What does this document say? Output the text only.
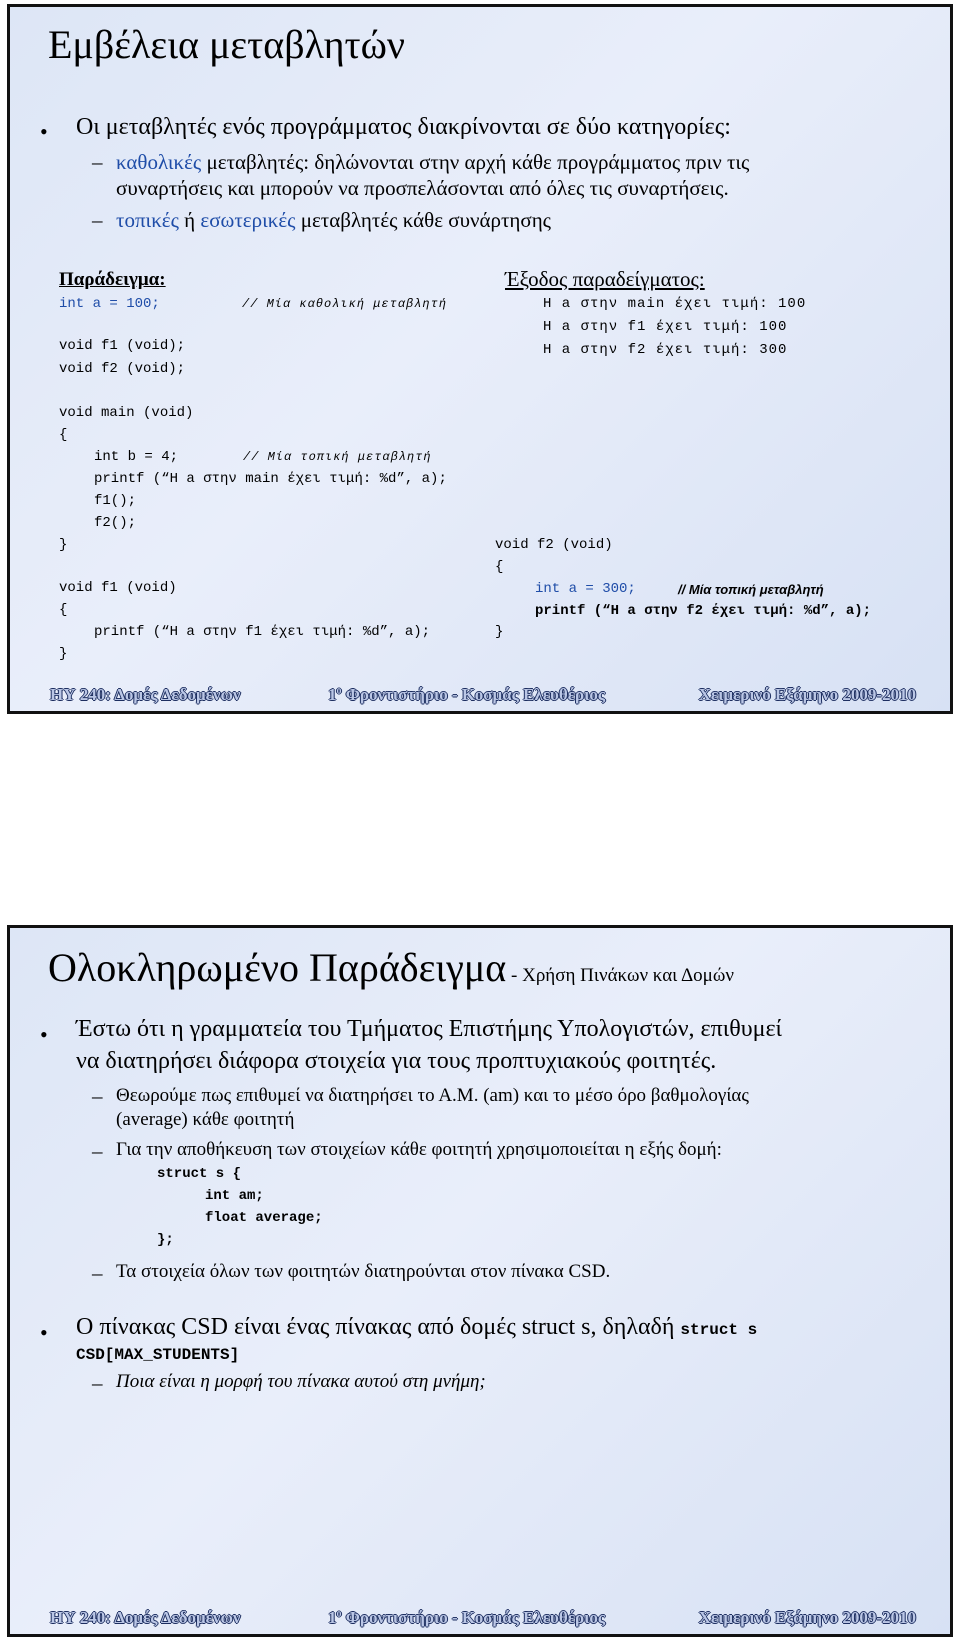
Εμβέλεια μεταβλητών
• Οι μεταβλητές ενός προγράμματος διακρίνονται σε δύο κατηγορίες:
– καθολικές μεταβλητές: δηλώνονται στην αρχή κάθε προγράμματος πριν τις
συναρτήσεις και μπορούν να προσπελάσονται από όλες τις συναρτήσεις.
– τοπικές ή εσωτερικές μεταβλητές κάθε συνάρτησης
Παράδειγμα:	Έξοδος παραδείγματος:
int a = 100;	// Μία καθολική μεταβλητή
void f1 (void);
void f2 (void);
Η a στην main έχει τιμή: 100
Η a στην f1 έχει τιμή: 100
Η a στην f2 έχει τιμή: 300
void main (void)
{
int b = 4;	// Μία τοπική μεταβλητή
printf (“Η a στην main έχει τιμή: %d”, a);
f1();
f2();
}
void f1 (void)
{
printf (“Η a στην f1 έχει τιμή: %d”, a);
}
void f2 (void)
{
int a = 300;	// Μία τοπική μεταβλητή
printf (“Η a στην f2 έχει τιμή: %d”, a);
}
ΗΥ 240: Δομές Δεδομένων	$1^o$ Φροντιστήριο - Κοσμάς Ελευθέριος	Χειμερινό Εξάμηνο 2009-2010
Ολοκληρωμένο Παράδειγμα - Χρήση Πινάκων και Δομών
• Έστω ότι η γραμματεία του Τμήματος Επιστήμης Υπολογιστών, επιθυμεί
να διατηρήσει διάφορα στοιχεία για τους προπτυχιακούς φοιτητές.
– Θεωρούμε πως επιθυμεί να διατηρήσει το Α.Μ. (am) και το μέσο όρο βαθμολογίας
(average) κάθε φοιτητή
– Για την αποθήκευση των στοιχείων κάθε φοιτητή χρησιμοποιείται η εξής δομή:
struct s {
int am;
float average;
};
– Τα στοιχεία όλων των φοιτητών διατηρούνται στον πίνακα CSD.
• Ο πίνακας CSD είναι ένας πίνακας από δομές struct s, δηλαδή struct s
CSD[MAX_STUDENTS]
– Ποια είναι η μορφή του πίνακα αυτού στη μνήμη;
ΗΥ 240: Δομές Δεδομένων	$1^o$ Φροντιστήριο - Κοσμάς Ελευθέριος	Χειμερινό Εξάμηνο 2009-2010
